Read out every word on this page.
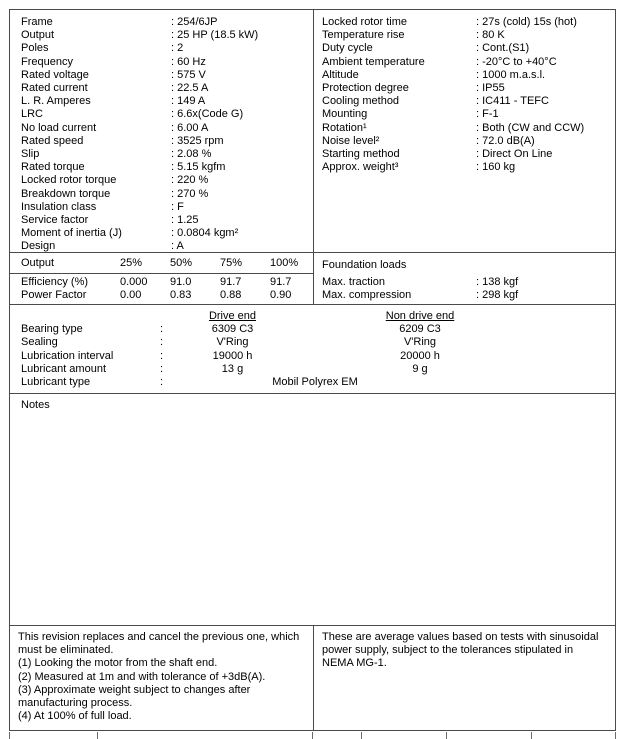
Frame	: 254/6JP
Output	: 25 HP (18.5 kW)
Poles	: 2
Frequency	: 60 Hz
Rated voltage	: 575 V
Rated current	: 22.5 A
L. R. Amperes	: 149 A
LRC	: 6.6x(Code G)
No load current	: 6.00 A
Rated speed	: 3525 rpm
Slip	: 2.08 %
Rated torque	: 5.15 kgfm
Locked rotor torque	: 220 %
Breakdown torque	: 270 %
Insulation class	: F
Service factor	: 1.25
Moment of inertia (J)	: 0.0804 kgm²
Design	: A
Locked rotor time	: 27s (cold) 15s (hot)
Temperature rise	: 80 K
Duty cycle	: Cont.(S1)
Ambient temperature	: -20°C to +40°C
Altitude	: 1000 m.a.s.l.
Protection degree	: IP55
Cooling method	: IC411 - TEFC
Mounting	: F-1
Rotation¹	: Both (CW and CCW)
Noise level²	: 72.0 dB(A)
Starting method	: Direct On Line
Approx. weight³	: 160 kg
Output	25%	50%	75%	100%
Efficiency (%)	0.000	91.0	91.7	91.7
Power Factor	0.00	0.83	0.88	0.90
Foundation loads
Max. traction	: 138 kgf
Max. compression	: 298 kgf
Drive end	Non drive end
Bearing type	:	6309 C3	6209 C3
Sealing	:	V'Ring	V'Ring
Lubrication interval	:	19000 h	20000 h
Lubricant amount	:	13 g	9 g
Lubricant type	:	Mobil Polyrex EM
Notes
This revision replaces and cancel the previous one, which must be eliminated.
(1) Looking the motor from the shaft end.
(2) Measured at 1m and with tolerance of +3dB(A).
(3) Approximate weight subject to changes after manufacturing process.
(4) At 100% of full load.
These are average values based on tests with sinusoidal power supply, subject to the tolerances stipulated in NEMA MG-1.
